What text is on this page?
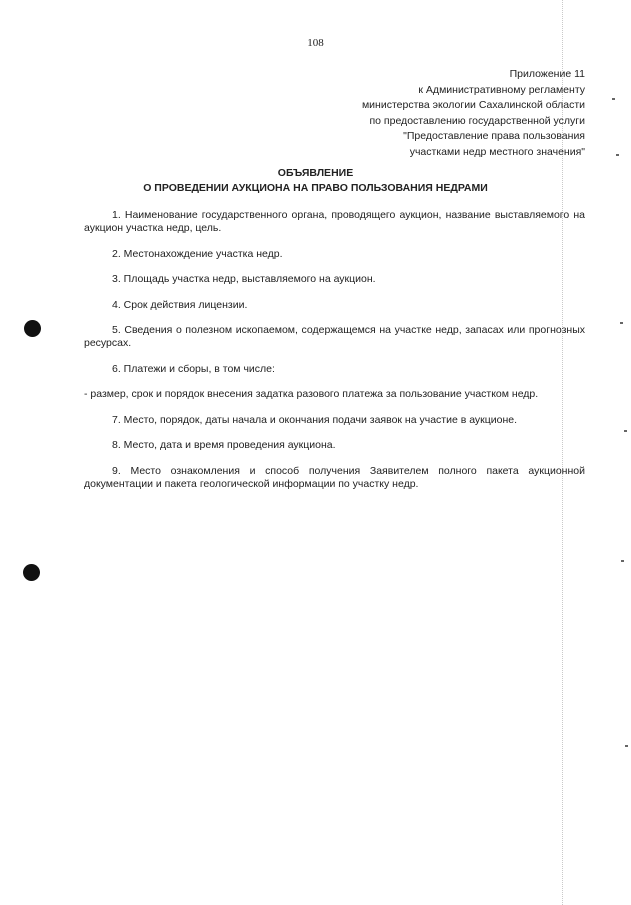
108
Приложение 11
к Административному регламенту
министерства экологии Сахалинской области
по предоставлению государственной услуги
"Предоставление права пользования
участками недр местного значения"
ОБЪЯВЛЕНИЕ
О ПРОВЕДЕНИИ АУКЦИОНА НА ПРАВО ПОЛЬЗОВАНИЯ НЕДРАМИ

1. Наименование государственного органа, проводящего аукцион, название выставляемого на аукцион участка недр, цель.

2. Местонахождение участка недр.

3. Площадь участка недр, выставляемого на аукцион.

4. Срок действия лицензии.

5. Сведения о полезном ископаемом, содержащемся на участке недр, запасах или прогнозных ресурсах.

6. Платежи и сборы, в том числе:

- размер, срок и порядок внесения задатка разового платежа за пользование участком недр.

7. Место, порядок, даты начала и окончания подачи заявок на участие в аукционе.

8. Место, дата и время проведения аукциона.

9. Место ознакомления и способ получения Заявителем полного пакета аукционной документации и пакета геологической информации по участку недр.
